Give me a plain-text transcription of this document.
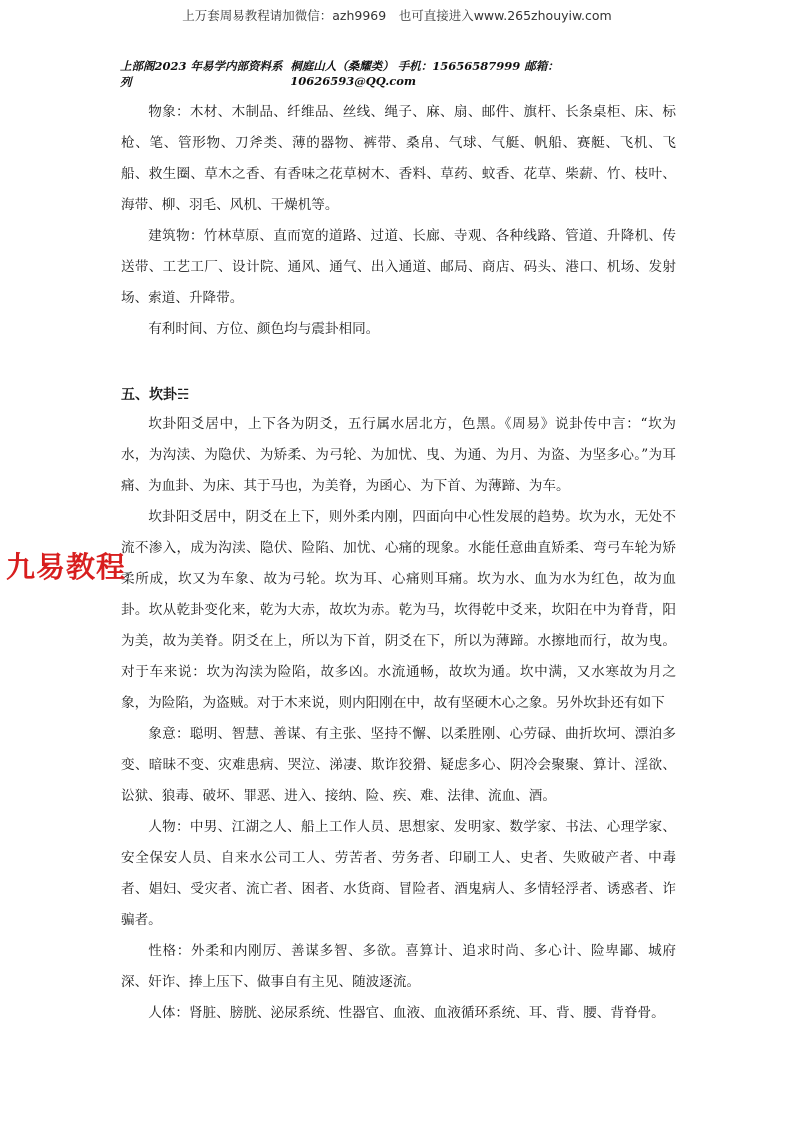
上万套周易教程请加微信：azh9969　也可直接进入www.265zhouyiw.com
上部阁2023 年易学内部资料系列
桐庭山人（桑耀类） 手机：15656587999 邮箱：10626593@QQ.com

物象：木材、木制品、纤维品、丝线、绳子、麻、扇、邮件、旗杆、长条桌柜、床、标枪、笔、管形物、刀斧类、薄的器物、裤带、桑帛、气球、气艇、帆船、赛艇、飞机、飞船、救生圈、草木之香、有香味之花草树木、香料、草药、蚊香、花草、柴薪、竹、枝叶、海带、柳、羽毛、风机、干燥机等。

建筑物：竹林草原、直而宽的道路、过道、长廊、寺观、各种线路、管道、升降机、传送带、工艺工厂、设计院、通风、通气、出入通道、邮局、商店、码头、港口、机场、发射场、索道、升降带。

有利时间、方位、颜色均与震卦相同。

五、坎卦☵

坎卦阳爻居中，上下各为阴爻，五行属水居北方，色黑。《周易》说卦传中言：“坎为水，为沟渎、为隐伏、为矫柔、为弓轮、为加忧、曳、为通、为月、为盗、为坚多心。”为耳痛、为血卦、为床、其于马也，为美脊，为函心、为下首、为薄蹄、为车。

坎卦阳爻居中，阴爻在上下，则外柔内刚，四面向中心性发展的趋势。坎为水，无处不流不渗入，成为沟渎、隐伏、险陷、加忧、心痛的现象。水能任意曲直矫柔、弯弓车轮为矫柔所成，坎又为车象、故为弓轮。坎为耳、心痛则耳痛。坎为水、血为水为红色，故为血卦。坎从乾卦变化来，乾为大赤，故坎为赤。乾为马，坎得乾中爻来，坎阳在中为脊背，阳为美，故为美脊。阴爻在上，所以为下首，阴爻在下，所以为薄蹄。水擦地而行，故为曳。对于车来说：坎为沟渎为险陷，故多凶。水流通畅，故坎为通。坎中满，又水寒故为月之象，为险陷，为盗贼。对于木来说，则内阳刚在中，故有坚硬木心之象。另外坎卦还有如下

象意：聪明、智慧、善谋、有主张、坚持不懈、以柔胜刚、心劳碌、曲折坎坷、漂泊多变、暗昧不变、灾难患病、哭泣、涕凄、欺诈狡猾、疑虑多心、阴冷会聚聚、算计、淫欲、讼狱、狼毒、破坏、罪恶、进入、接纳、险、疾、难、法律、流血、酒。

人物：中男、江湖之人、船上工作人员、思想家、发明家、数学家、书法、心理学家、安全保安人员、自来水公司工人、劳苦者、劳务者、印刷工人、史者、失败破产者、中毒者、娼妇、受灾者、流亡者、困者、水货商、冒险者、酒鬼病人、多情轻浮者、诱惑者、诈骗者。

性格：外柔和内刚厉、善谋多智、多欲。喜算计、追求时尚、多心计、险卑鄙、城府深、奸诈、捧上压下、做事自有主见、随波逐流。

人体：肾脏、膀胱、泌尿系统、性器官、血液、血液循环系统、耳、背、腰、背脊骨。

九易教程
